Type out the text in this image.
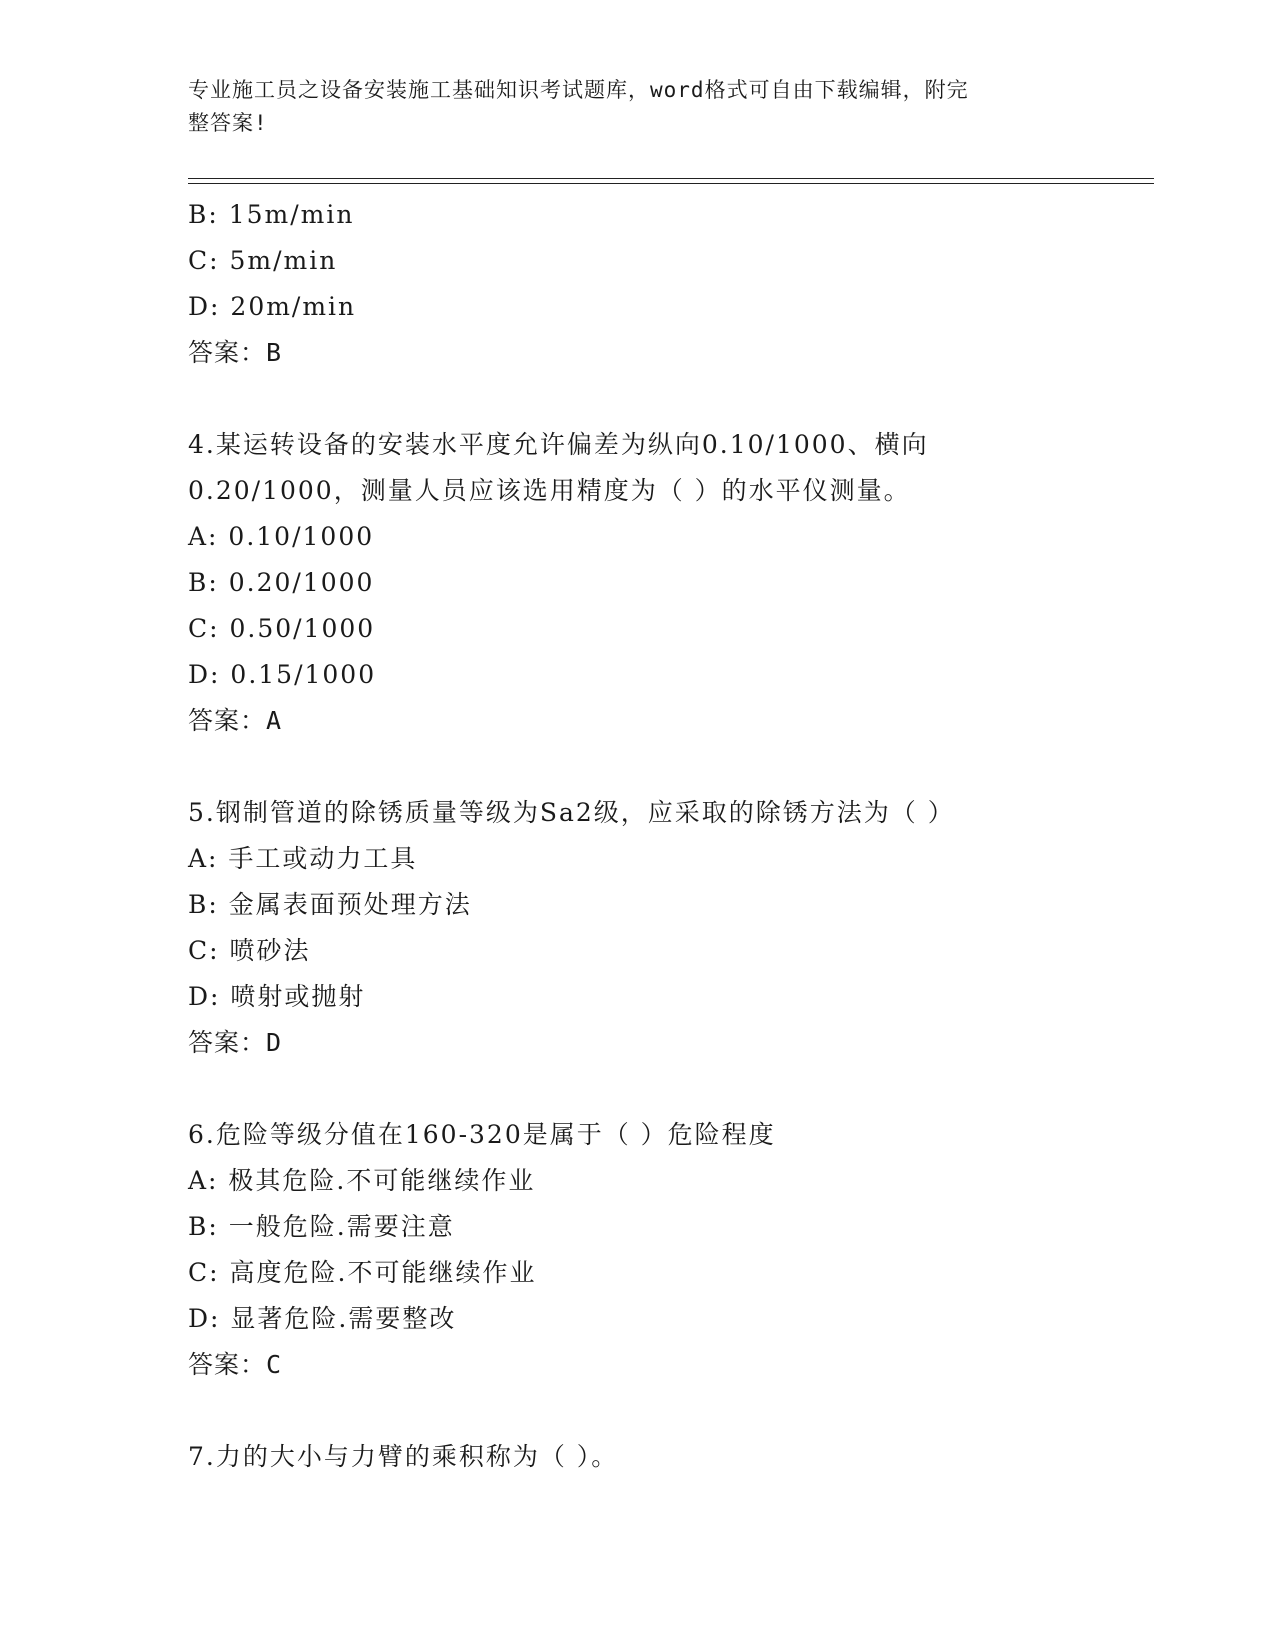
专业施工员之设备安装施工基础知识考试题库，word格式可自由下载编辑，附完
整答案!
B: 15m/min
C: 5m/min
D: 20m/min
答案：B
4.某运转设备的安装水平度允许偏差为纵向0.10/1000、横向
0.20/1000，测量人员应该选用精度为（ ）的水平仪测量。
A: 0.10/1000
B: 0.20/1000
C: 0.50/1000
D: 0.15/1000
答案：A
5.钢制管道的除锈质量等级为Sa2级，应采取的除锈方法为（ ）
A: 手工或动力工具
B: 金属表面预处理方法
C: 喷砂法
D: 喷射或抛射
答案：D
6.危险等级分值在160-320是属于（ ）危险程度
A: 极其危险.不可能继续作业
B: 一般危险.需要注意
C: 高度危险.不可能继续作业
D: 显著危险.需要整改
答案：C
7.力的大小与力臂的乘积称为（ ）。
